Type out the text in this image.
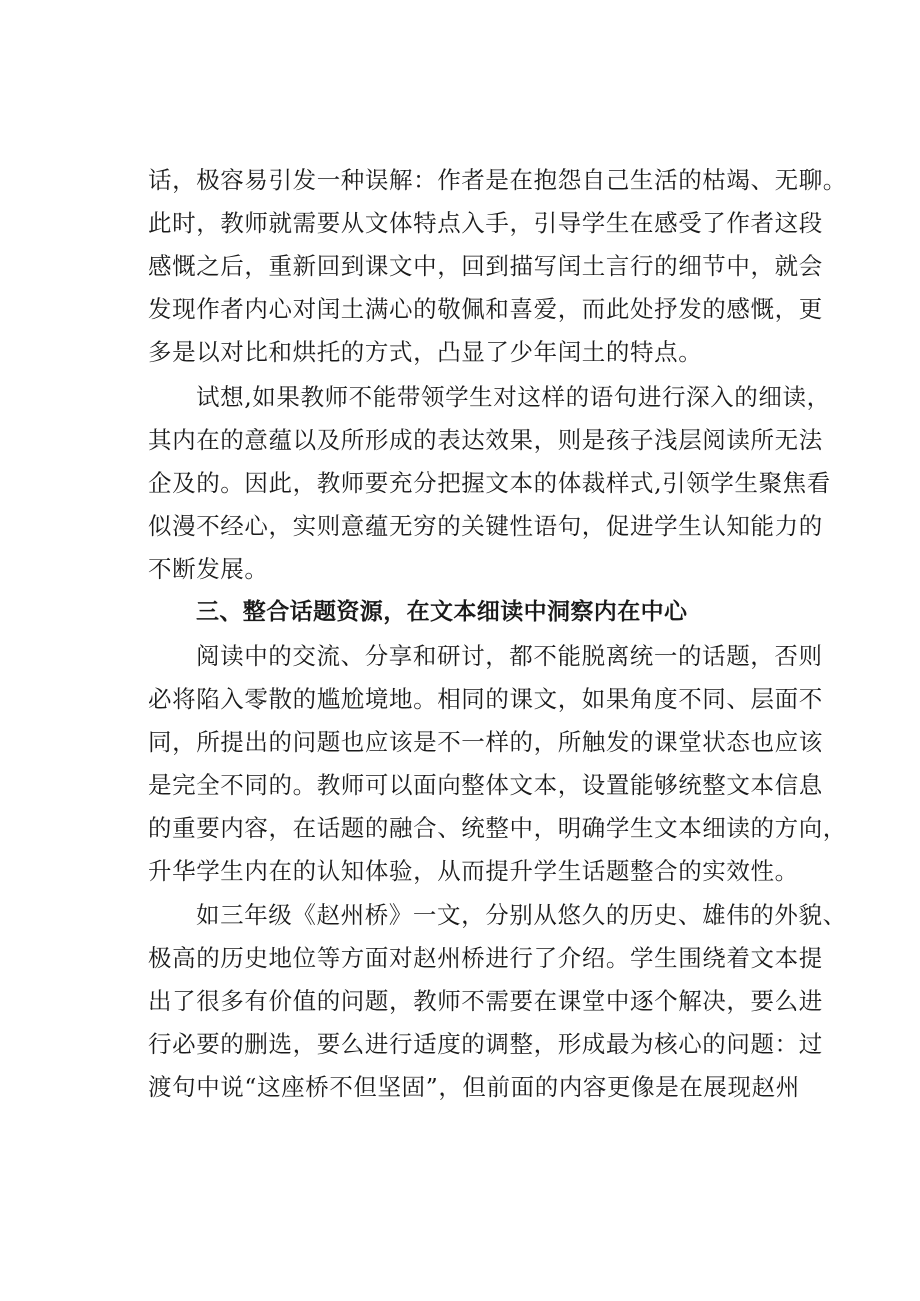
话，极容易引发一种误解：作者是在抱怨自己生活的枯竭、无聊。
此时，教师就需要从文体特点入手，引导学生在感受了作者这段
感慨之后，重新回到课文中，回到描写闰土言行的细节中，就会
发现作者内心对闰土满心的敬佩和喜爱，而此处抒发的感慨，更
多是以对比和烘托的方式，凸显了少年闰土的特点。
试想,如果教师不能带领学生对这样的语句进行深入的细读，
其内在的意蕴以及所形成的表达效果，则是孩子浅层阅读所无法
企及的。因此，教师要充分把握文本的体裁样式,引领学生聚焦看
似漫不经心，实则意蕴无穷的关键性语句，促进学生认知能力的
不断发展。
三、整合话题资源，在文本细读中洞察内在中心
阅读中的交流、分享和研讨，都不能脱离统一的话题，否则
必将陷入零散的尴尬境地。相同的课文，如果角度不同、层面不
同，所提出的问题也应该是不一样的，所触发的课堂状态也应该
是完全不同的。教师可以面向整体文本，设置能够统整文本信息
的重要内容，在话题的融合、统整中，明确学生文本细读的方向，
升华学生内在的认知体验，从而提升学生话题整合的实效性。
如三年级《赵州桥》一文，分别从悠久的历史、雄伟的外貌、
极高的历史地位等方面对赵州桥进行了介绍。学生围绕着文本提
出了很多有价值的问题，教师不需要在课堂中逐个解决，要么进
行必要的删选，要么进行适度的调整，形成最为核心的问题：过
渡句中说“这座桥不但坚固”，但前面的内容更像是在展现赵州
